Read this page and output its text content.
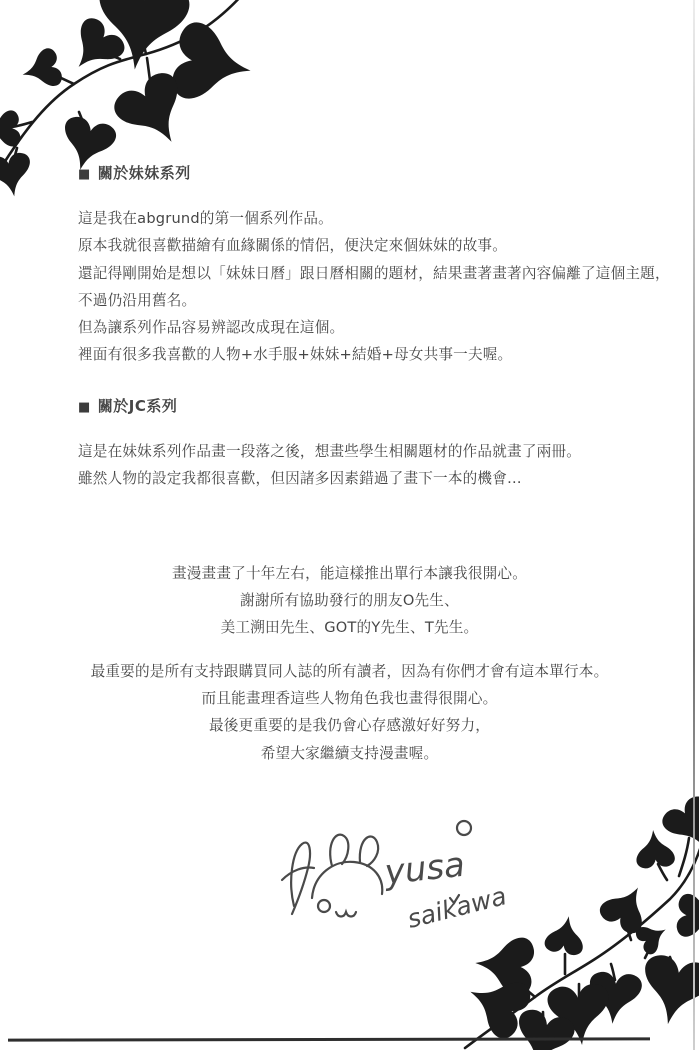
■ 關於妹妹系列
這是我在abgrund的第一個系列作品。
原本我就很喜歡描繪有血緣關係的情侶，便決定來個妹妹的故事。
還記得剛開始是想以「妹妹日曆」跟日曆相關的題材，結果畫著畫著內容偏離了這個主題，
不過仍沿用舊名。
但為讓系列作品容易辨認改成現在這個。
裡面有很多我喜歡的人物+水手服+妹妹+結婚+母女共事一夫喔。
■ 關於JC系列
這是在妹妹系列作品畫一段落之後，想畫些學生相關題材的作品就畫了兩冊。
雖然人物的設定我都很喜歡，但因諸多因素錯過了畫下一本的機會…
畫漫畫畫了十年左右，能這樣推出單行本讓我很開心。
謝謝所有協助發行的朋友O先生、
美工溯田先生、GOT的Y先生、T先生。
最重要的是所有支持跟購買同人誌的所有讀者，因為有你們才會有這本單行本。
而且能畫理香這些人物角色我也畫得很開心。
最後更重要的是我仍會心存感激好好努力，
希望大家繼續支持漫畫喔。
yusa
saikawa
